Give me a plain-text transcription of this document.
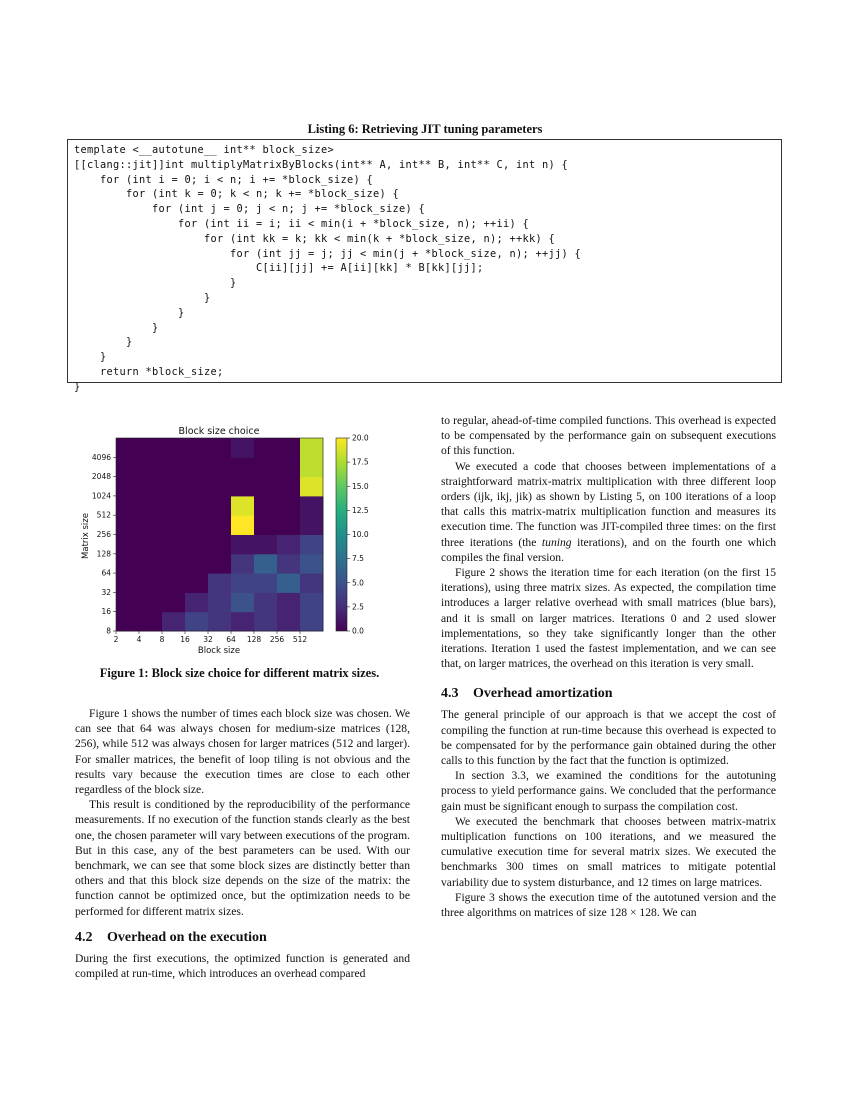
Listing 6: Retrieving JIT tuning parameters
template <__autotune__ int** block_size>
[[clang::jit]]int multiplyMatrixByBlocks(int** A, int** B, int** C, int n) {
for (int i = 0; i < n; i += *block_size) {
for (int k = 0; k < n; k += *block_size) {
for (int j = 0; j < n; j += *block_size) {
for (int ii = i; ii < min(i + *block_size, n); ++ii) {
for (int kk = k; kk < min(k + *block_size, n); ++kk) {
for (int jj = j; jj < min(j + *block_size, n); ++jj) {
C[ii][jj] += A[ii][kk] * B[kk][jj];
}
}
}
}
}
}
return *block_size;
}
Block size choice
Block size
Matrix size
2 4 8 16 32 64 128 256 512
8
16
32
64
128
256
512
1024
2048
4096
0.0
2.5
5.0
7.5
10.0
12.5
15.0
17.5
20.0
Figure 1: Block size choice for different matrix sizes.

Figure 1 shows the number of times each block size was chosen. We can see that 64 was always chosen for medium-size matrices (128, 256), while 512 was always chosen for larger matrices (512 and larger). For smaller matrices, the benefit of loop tiling is not obvious and the results vary because the execution times are close to each other regardless of the block size.

This result is conditioned by the reproducibility of the performance measurements. If no execution of the function stands clearly as the best one, the chosen parameter will vary between executions of the program. But in this case, any of the best parameters can be used. With our benchmark, we can see that some block sizes are distinctly better than others and that this block size depends on the size of the matrix: the function cannot be optimized once, but the optimization needs to be performed for different matrix sizes.

4.2 Overhead on the execution

During the first executions, the optimized function is generated and compiled at run-time, which introduces an overhead compared

to regular, ahead-of-time compiled functions. This overhead is expected to be compensated by the performance gain on subsequent executions of this function.

We executed a code that chooses between implementations of a straightforward matrix-matrix multiplication with three different loop orders (ijk, ikj, jik) as shown by Listing 5, on 100 iterations of a loop that calls this matrix-matrix multiplication function and measures its execution time. The function was JIT-compiled three times: on the first three iterations (the tuning iterations), and on the fourth one which compiles the final version.

Figure 2 shows the iteration time for each iteration (on the first 15 iterations), using three matrix sizes. As expected, the compilation time introduces a larger relative overhead with small matrices (blue bars), and it is small on larger matrices. Iterations 0 and 2 used slower implementations, so they take significantly longer than the other iterations. Iteration 1 used the fastest implementation, and we can see that, on larger matrices, the overhead on this iteration is very small.

4.3 Overhead amortization

The general principle of our approach is that we accept the cost of compiling the function at run-time because this overhead is expected to be compensated for by the performance gain obtained during the other calls to this function by the fact that the function is optimized.

In section 3.3, we examined the conditions for the autotuning process to yield performance gains. We concluded that the performance gain must be significant enough to surpass the compilation cost.

We executed the benchmark that chooses between matrix-matrix multiplication functions on 100 iterations, and we measured the cumulative execution time for several matrix sizes. We executed the benchmarks 300 times on small matrices to mitigate potential variability due to system disturbance, and 12 times on large matrices.

Figure 3 shows the execution time of the autotuned version and the three algorithms on matrices of size 128 × 128. We can
